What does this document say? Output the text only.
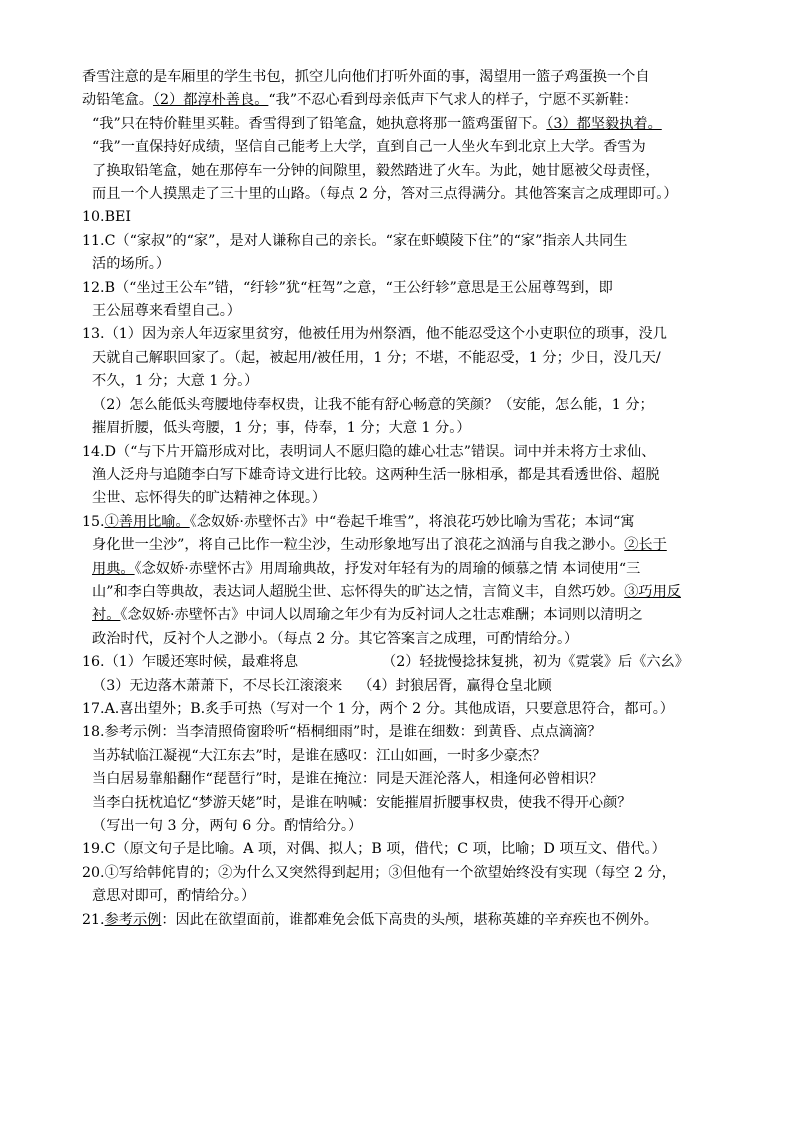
香雪注意的是车厢里的学生书包，抓空儿向他们打听外面的事，渴望用一篮子鸡蛋换一个自

动铅笔盒。（2）都淳朴善良。“我”不忍心看到母亲低声下气求人的样子，宁愿不买新鞋：

“我”只在特价鞋里买鞋。香雪得到了铅笔盒，她执意将那一篮鸡蛋留下。（3）都坚毅执着。

“我”一直保持好成绩，坚信自己能考上大学，直到自己一人坐火车到北京上大学。香雪为

了换取铅笔盒，她在那停车一分钟的间隙里，毅然踏进了火车。为此，她甘愿被父母责怪，

而且一个人摸黑走了三十里的山路。（每点 2 分，答对三点得满分。其他答案言之成理即可。）

10.BEI

11.C（“家叔”的“家”，是对人谦称自己的亲长。“家在虾蟆陵下住”的“家”指亲人共同生

活的场所。）

12.B（“坐过王公车”错，“纡轸”犹“枉驾”之意，“王公纡轸”意思是王公屈尊驾到，即

王公屈尊来看望自己。）

13.（1）因为亲人年迈家里贫穷，他被任用为州祭酒，他不能忍受这个小吏职位的琐事，没几

天就自己解职回家了。（起，被起用/被任用，1 分；不堪，不能忍受，1 分；少日，没几天/

不久，1 分；大意 1 分。）

（2）怎么能低头弯腰地侍奉权贵，让我不能有舒心畅意的笑颜？（安能，怎么能，1 分；

摧眉折腰，低头弯腰，1 分；事，侍奉，1 分；大意 1 分。）

14.D（“与下片开篇形成对比，表明词人不愿归隐的雄心壮志”错误。词中并未将方士求仙、

渔人泛舟与追随李白写下雄奇诗文进行比较。这两种生活一脉相承，都是其看透世俗、超脱

尘世、忘怀得失的旷达精神之体现。）

15.①善用比喻。《念奴娇·赤壁怀古》中“卷起千堆雪”，将浪花巧妙比喻为雪花；本词“寓

身化世一尘沙”，将自己比作一粒尘沙，生动形象地写出了浪花之汹涌与自我之渺小。②长于

用典。《念奴娇·赤壁怀古》用周瑜典故，抒发对年轻有为的周瑜的倾慕之情 本词使用“三

山”和李白等典故，表达词人超脱尘世、忘怀得失的旷达之情，言简义丰，自然巧妙。③巧用反

衬。《念奴娇·赤壁怀古》中词人以周瑜之年少有为反衬词人之壮志难酬；本词则以清明之

政治时代，反衬个人之渺小。（每点 2 分。其它答案言之成理，可酌情给分。）

16.（1）乍暖还寒时候，最难将息	（2）轻拢慢捻抹复挑，初为《霓裳》后《六幺》
（3）无边落木萧萧下，不尽长江滚滚来 （4）封狼居胥，赢得仓皇北顾

17.A.喜出望外；B.炙手可热（写对一个 1 分，两个 2 分。其他成语，只要意思符合，都可。）

18.参考示例：当李清照倚窗聆听“梧桐细雨”时，是谁在细数：到黄昏、点点滴滴？

当苏轼临江凝视“大江东去”时，是谁在感叹：江山如画，一时多少豪杰？

当白居易靠船翻作“琵琶行”时，是谁在掩泣：同是天涯沦落人，相逢何必曾相识？

当李白抚枕追忆“梦游天姥”时，是谁在呐喊：安能摧眉折腰事权贵，使我不得开心颜？

（写出一句 3 分，两句 6 分。酌情给分。）

19.C（原文句子是比喻。A 项，对偶、拟人；B 项，借代；C 项，比喻；D 项互文、借代。）

20.①写给韩侂胄的；②为什么又突然得到起用；③但他有一个欲望始终没有实现（每空 2 分，

意思对即可，酌情给分。）

21.参考示例：因此在欲望面前，谁都难免会低下高贵的头颅，堪称英雄的辛弃疾也不例外。
